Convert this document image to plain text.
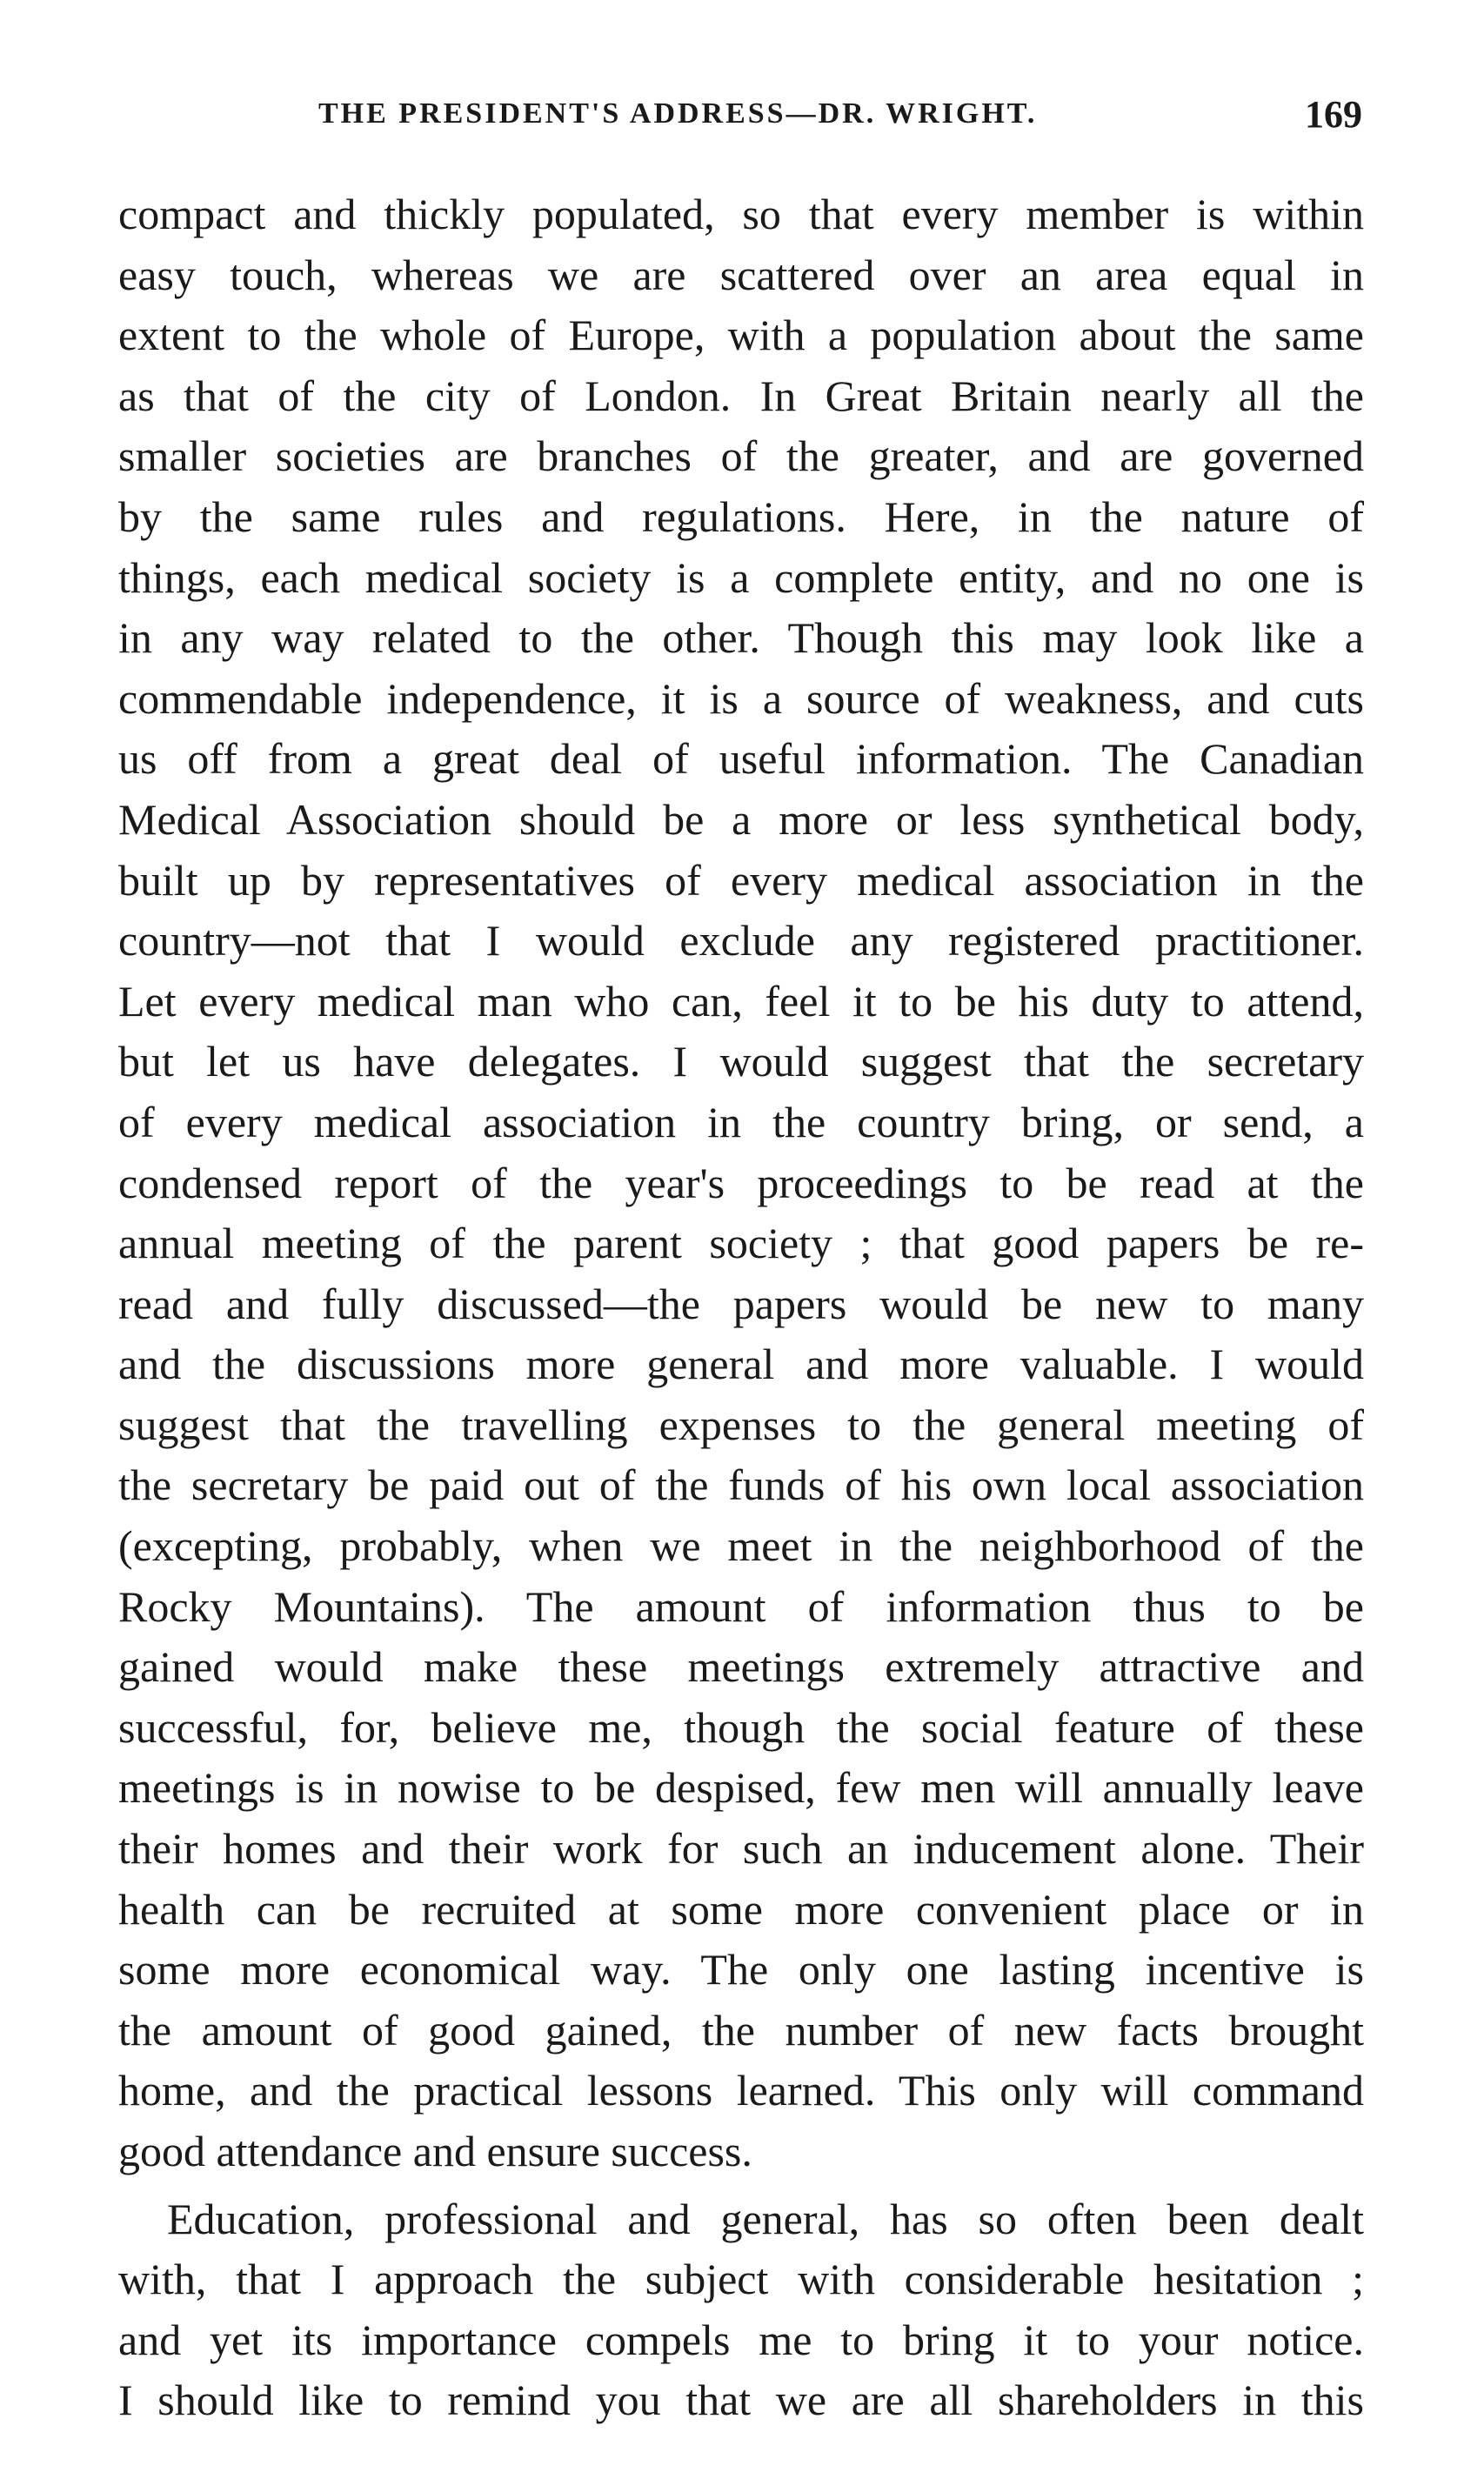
THE PRESIDENT'S ADDRESS—DR. WRIGHT.	169
compact and thickly populated, so that every member is within
easy touch, whereas we are scattered over an area equal in
extent to the whole of Europe, with a population about the same
as that of the city of London. In Great Britain nearly all the
smaller societies are branches of the greater, and are governed
by the same rules and regulations. Here, in the nature of
things, each medical society is a complete entity, and no one is
in any way related to the other. Though this may look like a
commendable independence, it is a source of weakness, and cuts
us off from a great deal of useful information. The Canadian
Medical Association should be a more or less synthetical body,
built up by representatives of every medical association in the
country—not that I would exclude any registered practitioner.
Let every medical man who can, feel it to be his duty to attend,
but let us have delegates. I would suggest that the secretary
of every medical association in the country bring, or send, a
condensed report of the year's proceedings to be read at the
annual meeting of the parent society ; that good papers be re-
read and fully discussed—the papers would be new to many
and the discussions more general and more valuable. I would
suggest that the travelling expenses to the general meeting of
the secretary be paid out of the funds of his own local association
(excepting, probably, when we meet in the neighborhood of the
Rocky Mountains). The amount of information thus to be
gained would make these meetings extremely attractive and
successful, for, believe me, though the social feature of these
meetings is in nowise to be despised, few men will annually leave
their homes and their work for such an inducement alone. Their
health can be recruited at some more convenient place or in
some more economical way. The only one lasting incentive is
the amount of good gained, the number of new facts brought
home, and the practical lessons learned. This only will command
good attendance and ensure success.
Education, professional and general, has so often been dealt
with, that I approach the subject with considerable hesitation ;
and yet its importance compels me to bring it to your notice.
I should like to remind you that we are all shareholders in this
